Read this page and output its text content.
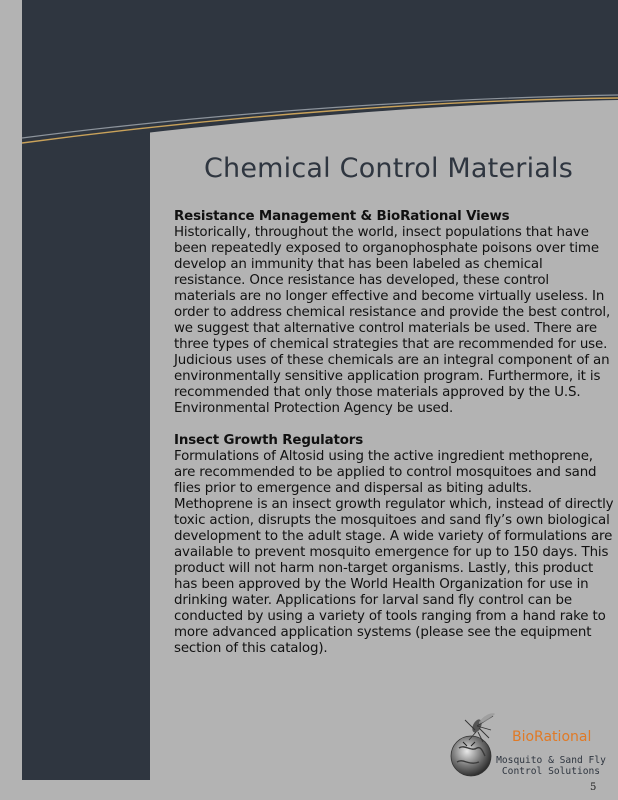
Chemical Control Materials
Resistance Management & BioRational Views

Historically, throughout the world, insect populations that have been repeatedly exposed to organophosphate poisons over time develop an immunity that has been labeled as chemical resistance. Once resistance has developed, these control materials are no longer effective and become virtually useless. In order to address chemical resistance and provide the best control, we suggest that alternative control materials be used. There are three types of chemical strategies that are recommended for use. Judicious uses of these chemicals are an integral component of an environmentally sensitive application program. Furthermore, it is recommended that only those materials approved by the U.S. Environmental Protection Agency be used.

Insect Growth Regulators

Formulations of Altosid using the active ingredient methoprene, are recommended to be applied to control mosquitoes and sand flies prior to emergence and dispersal as biting adults. Methoprene is an insect growth regulator which, instead of directly toxic action, disrupts the mosquitoes and sand fly’s own biological development to the adult stage. A wide variety of formulations are available to prevent mosquito emergence for up to 150 days. This product will not harm non-target organisms. Lastly, this product has been approved by the World Health Organization for use in drinking water. Applications for larval sand fly control can be conducted by using a variety of tools ranging from a hand rake to more advanced application systems (please see the equipment section of this catalog).

BioRational
Mosquito & Sand Fly
Control Solutions
5
